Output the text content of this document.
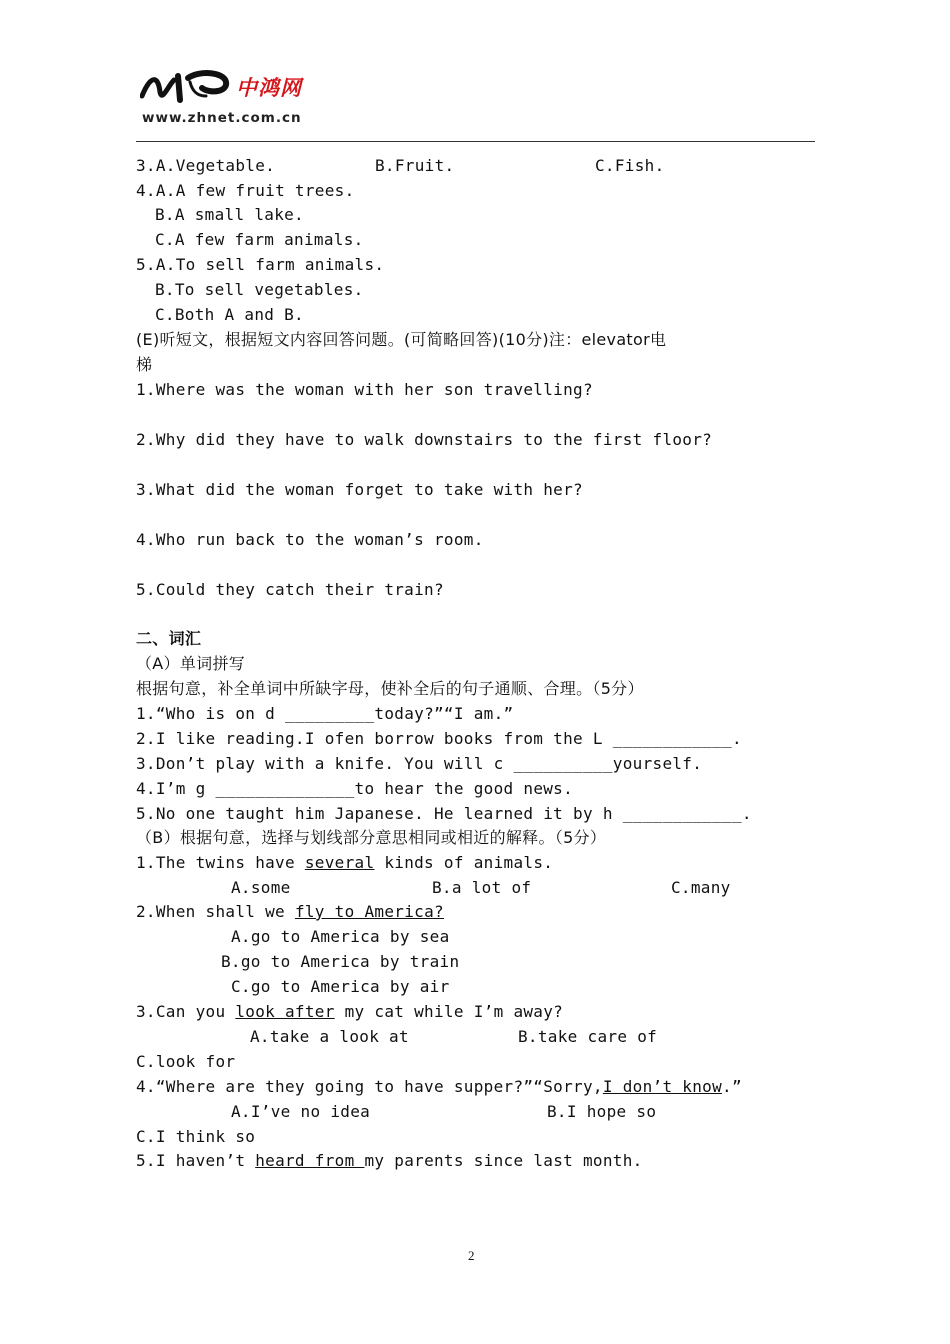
中鸿网
www.zhnet.com.cn
3.A.Vegetable.	B.Fruit.	C.Fish.
4.A.A few fruit trees.
B.A small lake.
C.A few farm animals.
5.A.To sell farm animals.
B.To sell vegetables.
C.Both A and B.
(E)听短文，根据短文内容回答问题。(可简略回答)(10分)注：elevator电
梯
1.Where was the woman with her son travelling?
2.Why did they have to walk downstairs to the first floor?
3.What did the woman forget to take with her?
4.Who run back to the woman’s room.
5.Could they catch their train?
二、词汇
（A）单词拼写
根据句意，补全单词中所缺字母，使补全后的句子通顺、合理。（5分）
1.“Who is on d _________today?”“I am.”
2.I like reading.I ofen borrow books from the L ____________.
3.Don’t play with a knife. You will c __________yourself.
4.I’m g ______________to hear the good news.
5.No one taught him Japanese. He learned it by h ____________.
（B）根据句意，选择与划线部分意思相同或相近的解释。（5分）
1.The twins have several kinds of animals.
A.some	B.a lot of	C.many
2.When shall we fly to America?
A.go to America by sea
B.go to America by train
C.go to America by air
3.Can you look after my cat while I’m away?
A.take a look at	B.take care of
C.look for
4.“Where are they going to have supper?”“Sorry,I don’t know.”
A.I’ve no idea	B.I hope so
C.I think so
5.I haven’t heard from my parents since last month.
2
